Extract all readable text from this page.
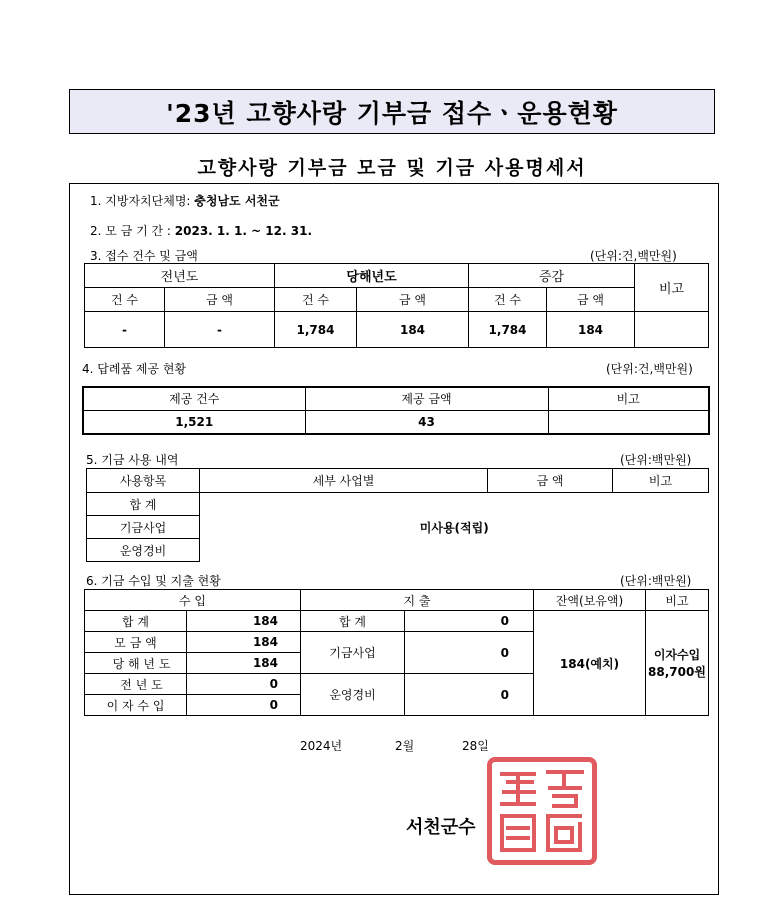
'23년 고향사랑 기부금 접수ㆍ운용현황
고향사랑 기부금 모금 및 기금 사용명세서
1. 지방자치단체명: 충청남도 서천군
2. 모 금 기 간 : 2023. 1. 1. ~ 12. 31.
3. 접수 건수 및 금액	(단위:건,백만원)
전년도		당해년도		증감		비고
건 수	금 액	건 수	금 액	건 수	금 액	
-	-	1,784	184	1,784	184	
4. 답례품 제공 현황	(단위:건,백만원)
제공 건수	제공 금액	비고
1,521	43	
5. 기금 사용 내역	(단위:백만원)
사용항목	세부 사업별	금 액	비고
합 계	미사용(적립)		
기금사업			
운영경비			
6. 기금 수입 및 지출 현황	(단위:백만원)
수 입		지 출		잔액(보유액)	비고
합 계	184	합 계	0	184(예치)	이자수입
88,700원
모 금 액	184	기금사업	0		
당 해 년 도	184				
전 년 도	0	운영경비	0		
이 자 수 입	0				
2024년	2월	28일
서천군수
